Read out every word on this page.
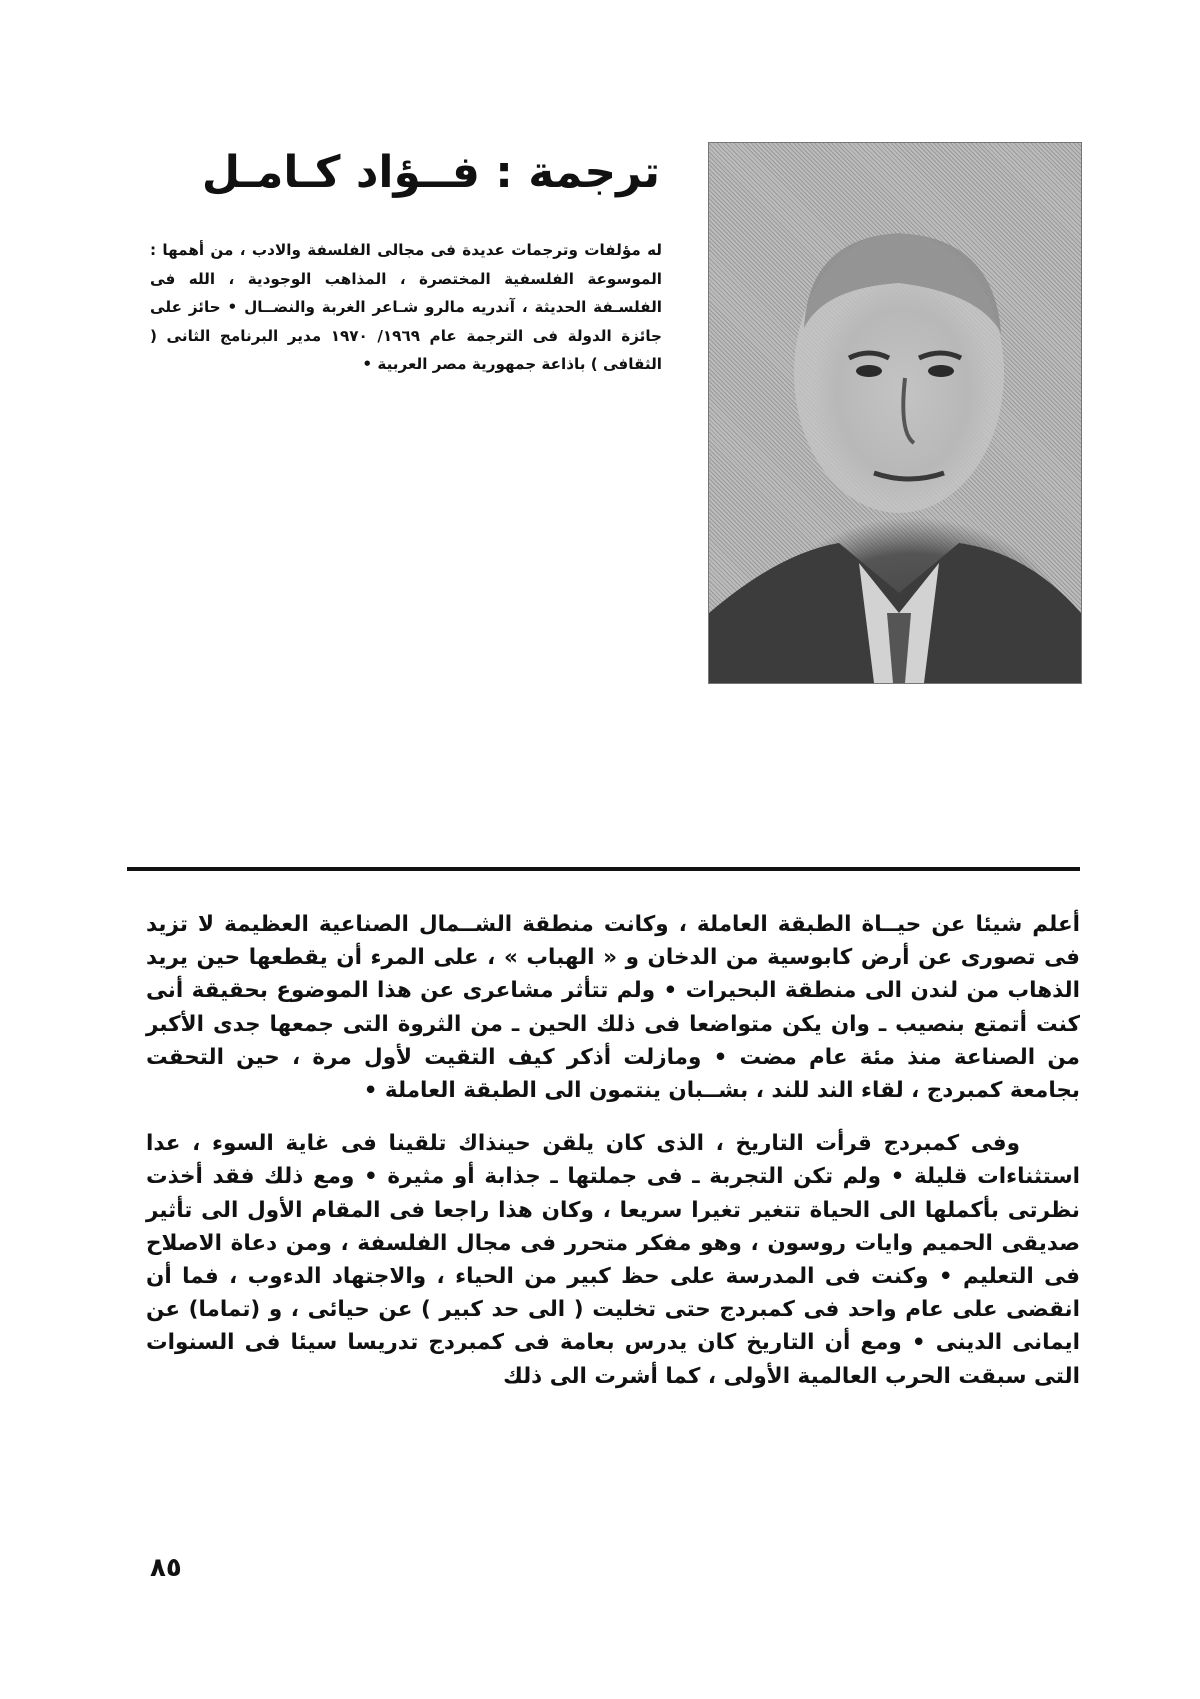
ترجمة : فــؤاد كـامـل
له مؤلفات وترجمات عديدة فى مجالى الفلسفة والادب ، من أهمها : الموسوعة الفلسفية المختصرة ، المذاهب الوجودية ، الله فى الفلسـفة الحديثة ، آندريه مالرو شـاعر الغربة والنضــال • حائز على جائزة الدولة فى الترجمة عام ١٩٦٩/ ١٩٧٠ مدير البرنامج الثانى ( الثقافى ) باذاعة جمهورية مصر العربية •

أعلم شيئا عن حيــاة الطبقة العاملة ، وكانت منطقة الشــمال الصناعية العظيمة لا تزيد فى تصورى عن أرض كابوسية من الدخان و « الهباب » ، على المرء أن يقطعها حين يريد الذهاب من لندن الى منطقة البحيرات • ولم تتأثر مشاعرى عن هذا الموضوع بحقيقة أنى كنت أتمتع بنصيب ـ وان يكن متواضعا فى ذلك الحين ـ من الثروة التى جمعها جدى الأكبر من الصناعة منذ مئة عام مضت • ومازلت أذكر كيف التقيت لأول مرة ، حين التحقت بجامعة كمبردج ، لقاء الند للند ، بشــبان ينتمون الى الطبقة العاملة •

وفى كمبردج قرأت التاريخ ، الذى كان يلقن حينذاك تلقينا فى غاية السوء ، عدا استثناءات قليلة • ولم تكن التجربة ـ فى جملتها ـ جذابة أو مثيرة • ومع ذلك فقد أخذت نظرتى بأكملها الى الحياة تتغير تغيرا سريعا ، وكان هذا راجعا فى المقام الأول الى تأثير صديقى الحميم وايات روسون ، وهو مفكر متحرر فى مجال الفلسفة ، ومن دعاة الاصلاح فى التعليم • وكنت فى المدرسة على حظ كبير من الحياء ، والاجتهاد الدءوب ، فما أن انقضى على عام واحد فى كمبردج حتى تخليت ( الى حد كبير ) عن حيائى ، و (تماما) عن ايمانى الدينى • ومع أن التاريخ كان يدرس بعامة فى كمبردج تدريسا سيئا فى السنوات التى سبقت الحرب العالمية الأولى ، كما أشرت الى ذلك

٨٥
